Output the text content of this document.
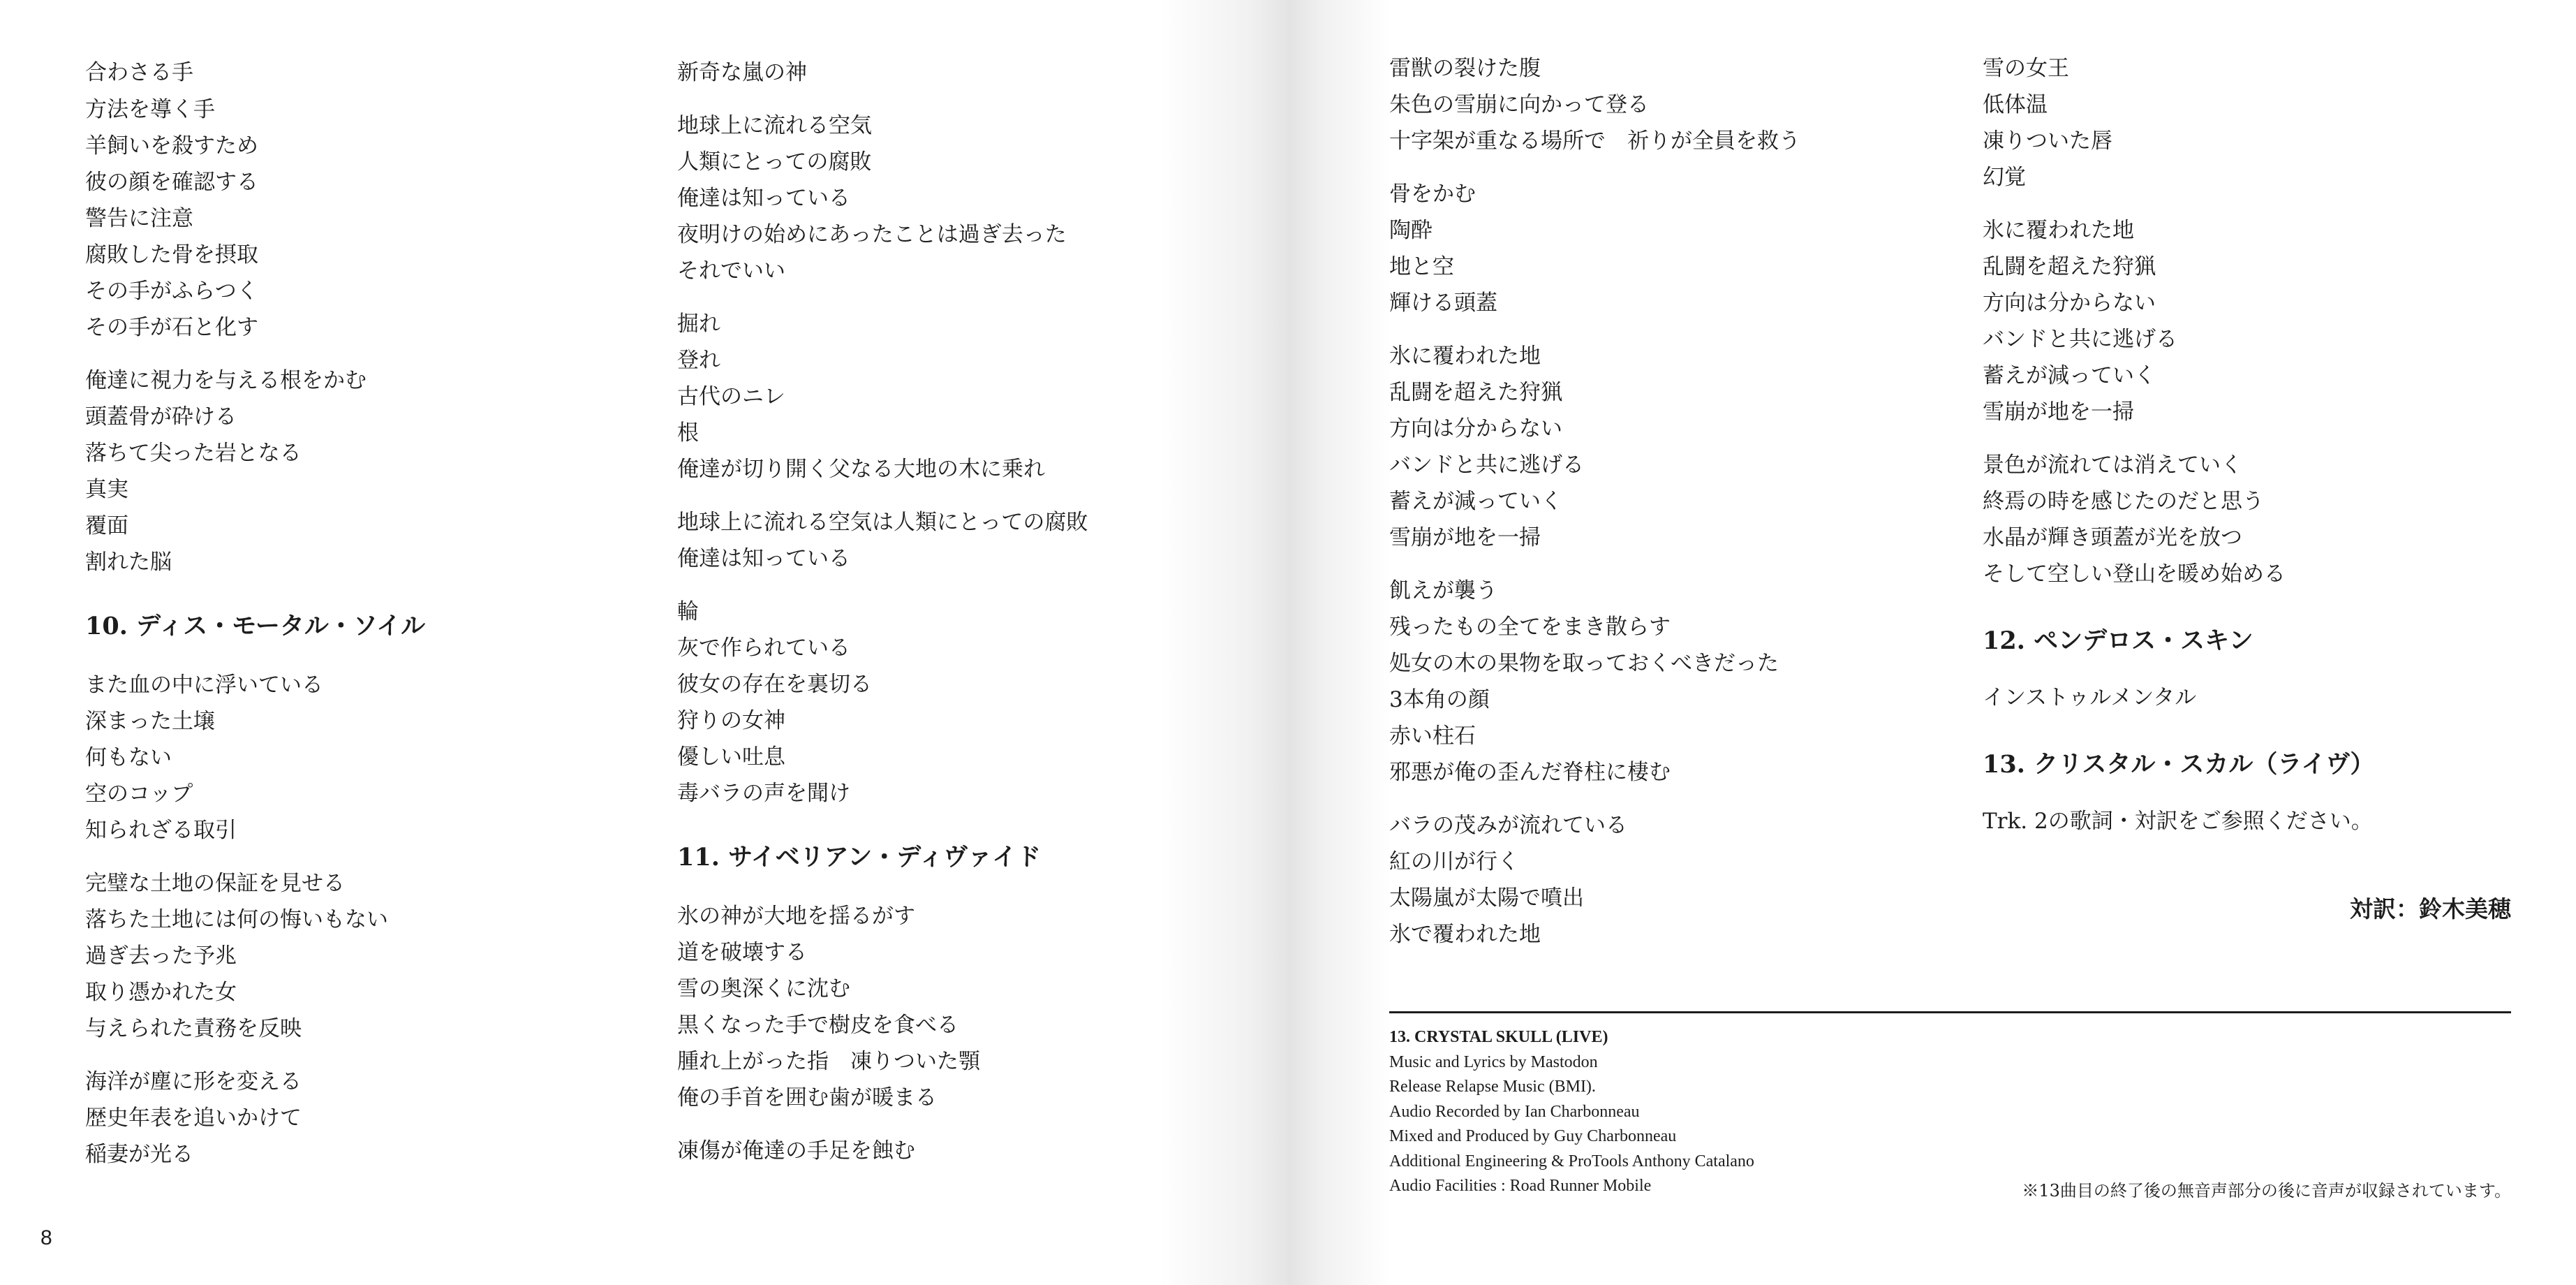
合わさる手
方法を導く手
羊飼いを殺すため
彼の顔を確認する
警告に注意
腐敗した骨を摂取
その手がふらつく
その手が石と化す
俺達に視力を与える根をかむ
頭蓋骨が砕ける
落ちて尖った岩となる
真実
覆面
割れた脳
10. ディス・モータル・ソイル
また血の中に浮いている
深まった土壌
何もない
空のコップ
知られざる取引
完璧な土地の保証を見せる
落ちた土地には何の悔いもない
過ぎ去った予兆
取り憑かれた女
与えられた責務を反映
海洋が塵に形を変える
歴史年表を追いかけて
稲妻が光る
新奇な嵐の神
地球上に流れる空気
人類にとっての腐敗
俺達は知っている
夜明けの始めにあったことは過ぎ去った
それでいい
掘れ
登れ
古代のニレ
根
俺達が切り開く父なる大地の木に乗れ
地球上に流れる空気は人類にとっての腐敗
俺達は知っている
輪
灰で作られている
彼女の存在を裏切る
狩りの女神
優しい吐息
毒バラの声を聞け
11. サイベリアン・ディヴァイド
氷の神が大地を揺るがす
道を破壊する
雪の奥深くに沈む
黒くなった手で樹皮を食べる
腫れ上がった指　凍りついた顎
俺の手首を囲む歯が暖まる
凍傷が俺達の手足を蝕む
8
雷獣の裂けた腹
朱色の雪崩に向かって登る
十字架が重なる場所で　祈りが全員を救う
骨をかむ
陶酔
地と空
輝ける頭蓋
氷に覆われた地
乱闘を超えた狩猟
方向は分からない
バンドと共に逃げる
蓄えが減っていく
雪崩が地を一掃
飢えが襲う
残ったもの全てをまき散らす
処女の木の果物を取っておくべきだった
3本角の顔
赤い柱石
邪悪が俺の歪んだ脊柱に棲む
バラの茂みが流れている
紅の川が行く
太陽嵐が太陽で噴出
氷で覆われた地
雪の女王
低体温
凍りついた唇
幻覚
氷に覆われた地
乱闘を超えた狩猟
方向は分からない
バンドと共に逃げる
蓄えが減っていく
雪崩が地を一掃
景色が流れては消えていく
終焉の時を感じたのだと思う
水晶が輝き頭蓋が光を放つ
そして空しい登山を暖め始める
12. ペンデロス・スキン
インストゥルメンタル
13. クリスタル・スカル（ライヴ）
Trk. 2の歌詞・対訳をご参照ください。
対訳：鈴木美穂
13. CRYSTAL SKULL (LIVE)
Music and Lyrics by Mastodon
Release Relapse Music (BMI).
Audio Recorded by Ian Charbonneau
Mixed and Produced by Guy Charbonneau
Additional Engineering & ProTools Anthony Catalano
Audio Facilities : Road Runner Mobile	※13曲目の終了後の無音声部分の後に音声が収録されています。
